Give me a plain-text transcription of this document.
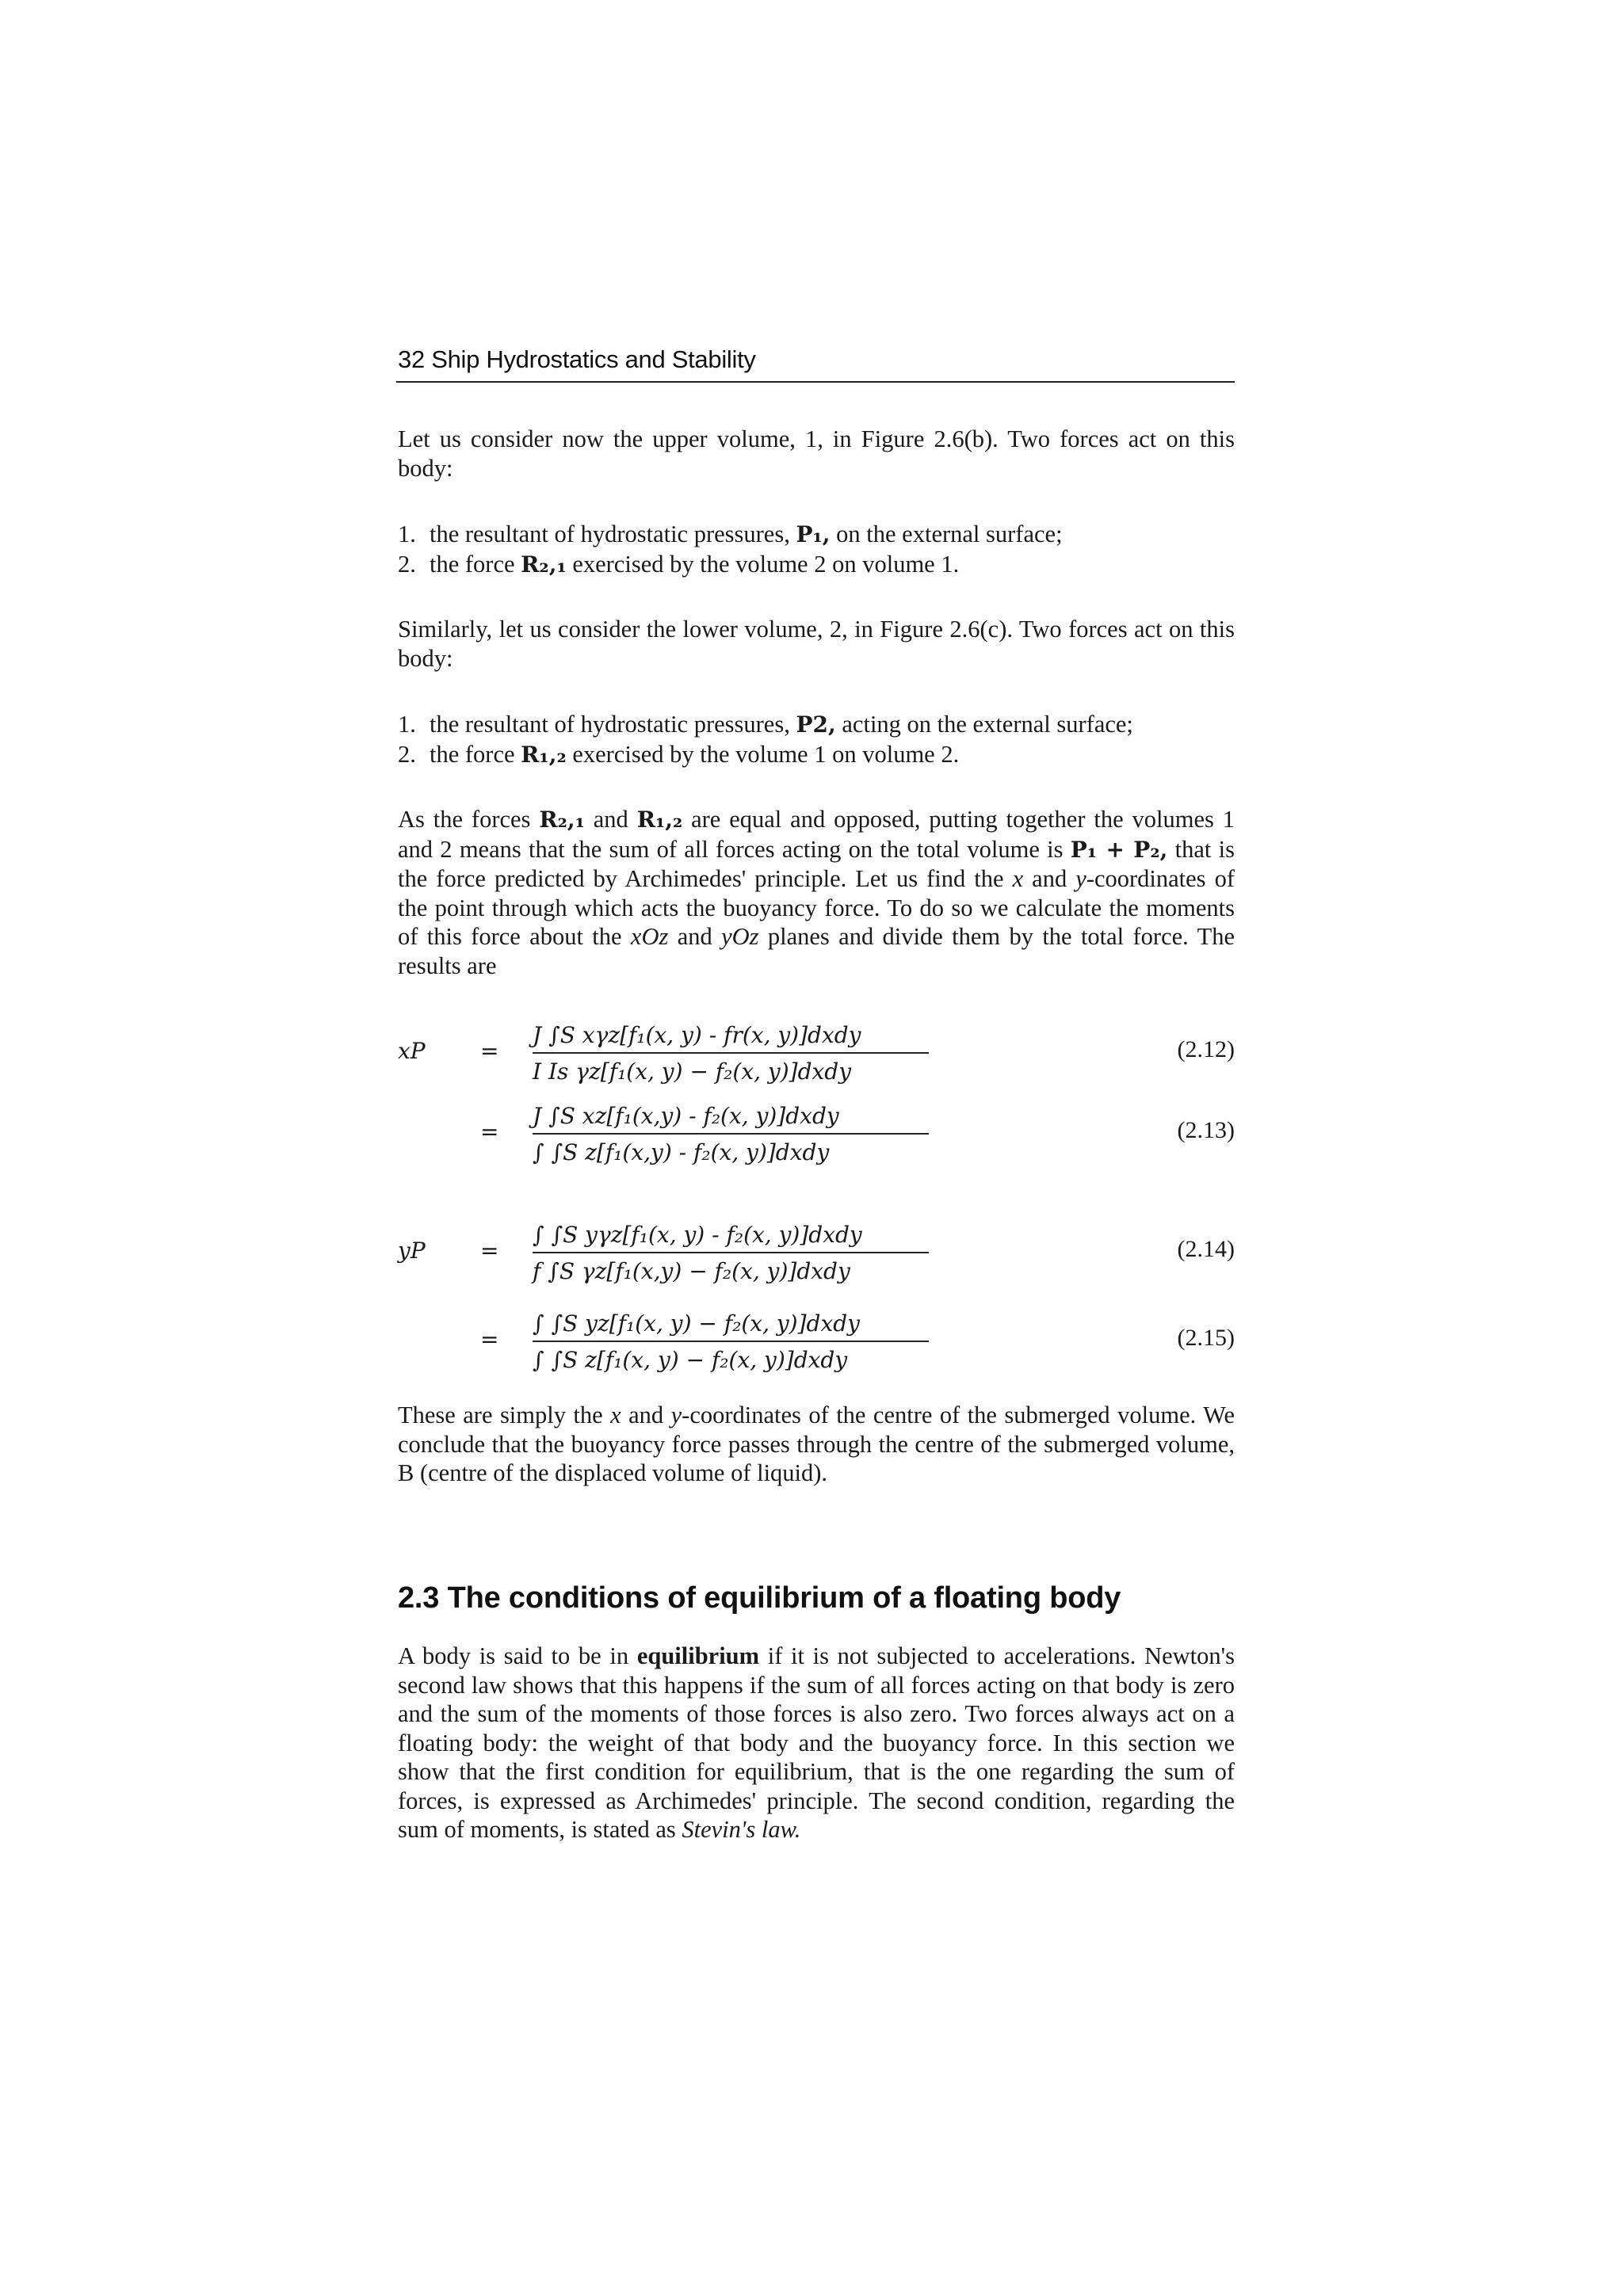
32 Ship Hydrostatics and Stability

Let us consider now the upper volume, 1, in Figure 2.6(b). Two forces act on this body:

1. the resultant of hydrostatic pressures, P₁, on the external surface;
2. the force R₂,₁ exercised by the volume 2 on volume 1.

Similarly, let us consider the lower volume, 2, in Figure 2.6(c). Two forces act on this body:

1. the resultant of hydrostatic pressures, P2, acting on the external surface;
2. the force R₁,₂ exercised by the volume 1 on volume 2.

As the forces R₂,₁ and R₁,₂ are equal and opposed, putting together the volumes 1 and 2 means that the sum of all forces acting on the total volume is P₁ + P₂, that is the force predicted by Archimedes' principle. Let us find the x and y-coordinates of the point through which acts the buoyancy force. To do so we calculate the moments of this force about the xOz and yOz planes and divide them by the total force. The results are

xP =
J ∫S xγz[f₁(x, y) - fr(x, y)]dxdy
I Is γz[f₁(x, y) − f₂(x, y)]dxdy
(2.12)
=
J ∫S xz[f₁(x,y) - f₂(x, y)]dxdy
∫ ∫S z[f₁(x,y) - f₂(x, y)]dxdy
(2.13)
yP =
∫ ∫S yγz[f₁(x, y) - f₂(x, y)]dxdy
f ∫S γz[f₁(x,y) − f₂(x, y)]dxdy
(2.14)
=
∫ ∫S yz[f₁(x, y) − f₂(x, y)]dxdy
∫ ∫S z[f₁(x, y) − f₂(x, y)]dxdy
(2.15)

These are simply the x and y-coordinates of the centre of the submerged volume. We conclude that the buoyancy force passes through the centre of the submerged volume, B (centre of the displaced volume of liquid).

2.3 The conditions of equilibrium of a floating body

A body is said to be in equilibrium if it is not subjected to accelerations. Newton's second law shows that this happens if the sum of all forces acting on that body is zero and the sum of the moments of those forces is also zero. Two forces always act on a floating body: the weight of that body and the buoyancy force. In this section we show that the first condition for equilibrium, that is the one regarding the sum of forces, is expressed as Archimedes' principle. The second condition, regarding the sum of moments, is stated as Stevin's law.
